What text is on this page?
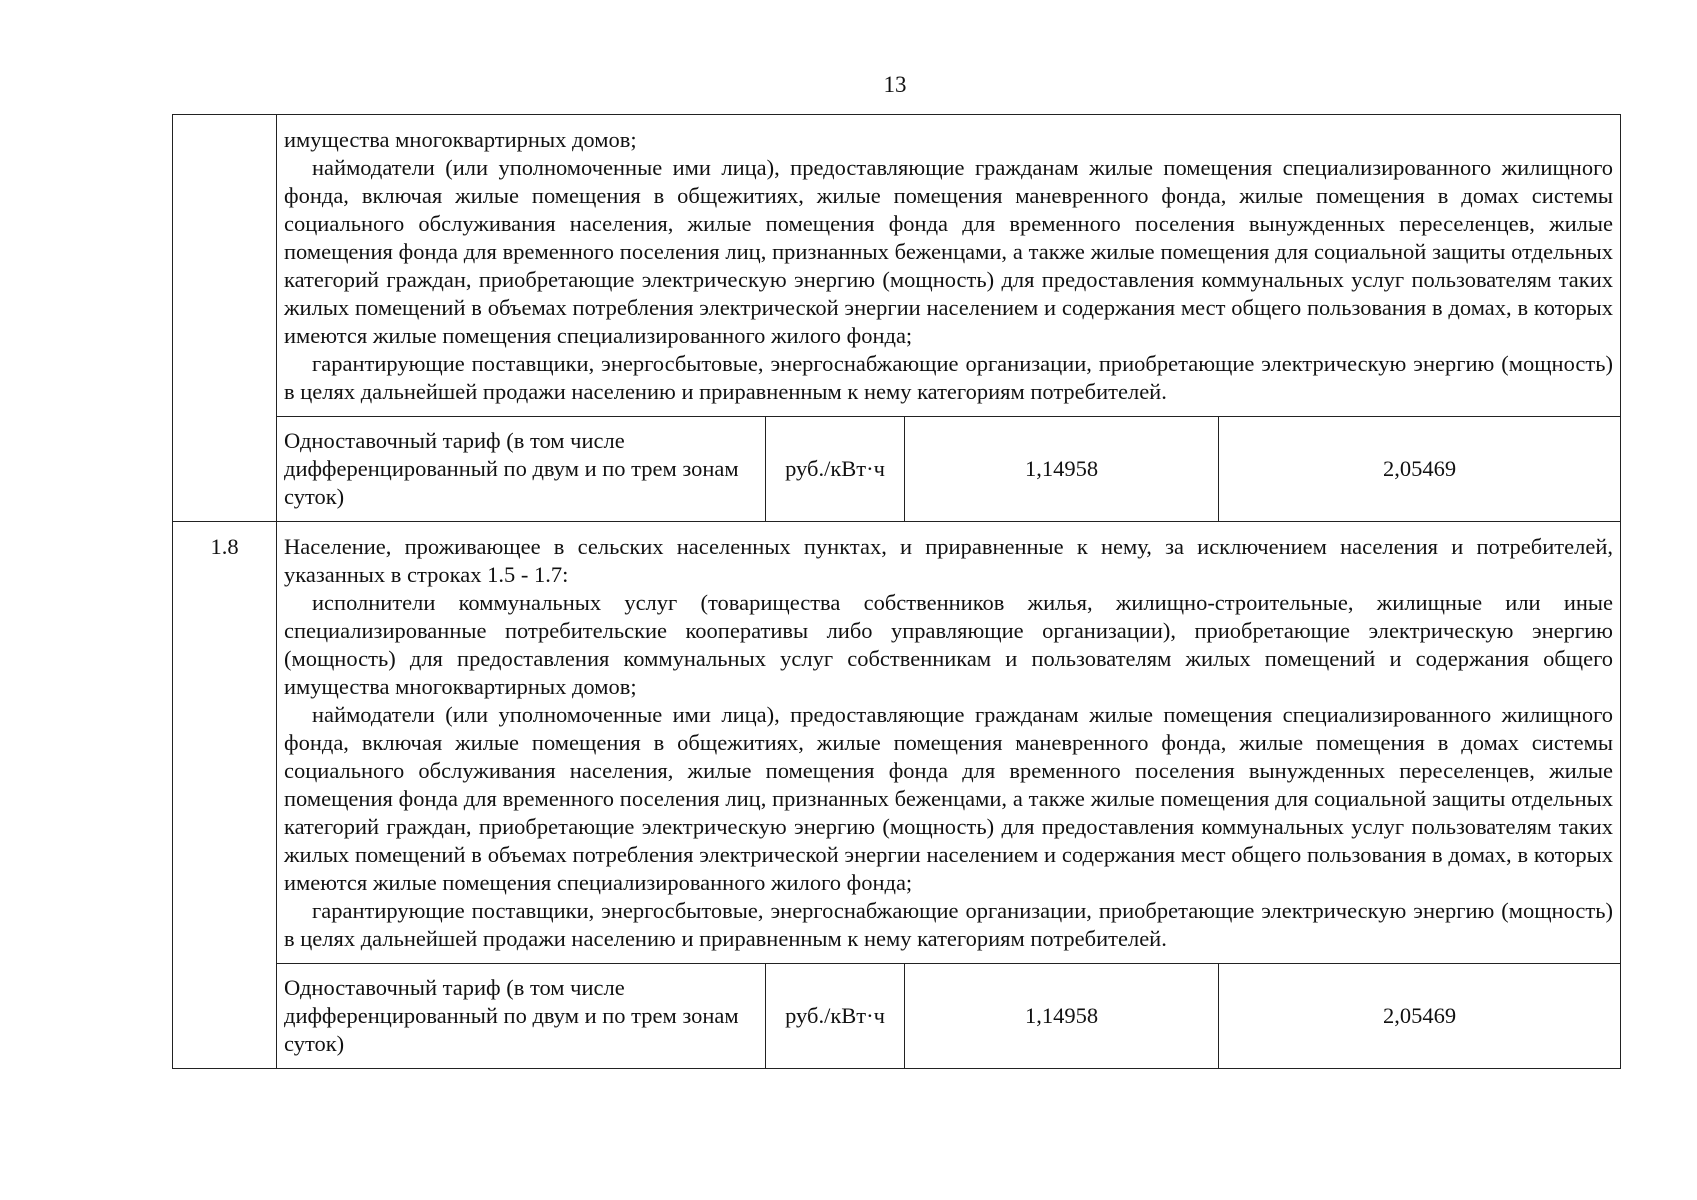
13

имущества многоквартирных домов;

наймодатели (или уполномоченные ими лица), предоставляющие гражданам жилые помещения специализированного жилищного фонда, включая жилые помещения в общежитиях, жилые помещения маневренного фонда, жилые помещения в домах системы социального обслуживания населения, жилые помещения фонда для временного поселения вынужденных переселенцев, жилые помещения фонда для временного поселения лиц, признанных беженцами, а также жилые помещения для социальной защиты отдельных категорий граждан, приобретающие электрическую энергию (мощность) для предоставления коммунальных услуг пользователям таких жилых помещений в объемах потребления электрической энергии населением и содержания мест общего пользования в домах, в которых имеются жилые помещения специализированного жилого фонда;

гарантирующие поставщики, энергосбытовые, энергоснабжающие организации, приобретающие электрическую энергию (мощность) в целях дальнейшей продажи населению и приравненным к нему категориям потребителей.

Одноставочный тариф (в том числе дифференцированный по двум и по трем зонам суток)	руб./кВт·ч	1,14958	2,05469

1.8	Население, проживающее в сельских населенных пунктах, и приравненные к нему, за исключением населения и потребителей, указанных в строках 1.5 - 1.7:

исполнители коммунальных услуг (товарищества собственников жилья, жилищно-строительные, жилищные или иные специализированные потребительские кооперативы либо управляющие организации), приобретающие электрическую энергию (мощность) для предоставления коммунальных услуг собственникам и пользователям жилых помещений и содержания общего имущества многоквартирных домов;

наймодатели (или уполномоченные ими лица), предоставляющие гражданам жилые помещения специализированного жилищного фонда, включая жилые помещения в общежитиях, жилые помещения маневренного фонда, жилые помещения в домах системы социального обслуживания населения, жилые помещения фонда для временного поселения вынужденных переселенцев, жилые помещения фонда для временного поселения лиц, признанных беженцами, а также жилые помещения для социальной защиты отдельных категорий граждан, приобретающие электрическую энергию (мощность) для предоставления коммунальных услуг пользователям таких жилых помещений в объемах потребления электрической энергии населением и содержания мест общего пользования в домах, в которых имеются жилые помещения специализированного жилого фонда;

гарантирующие поставщики, энергосбытовые, энергоснабжающие организации, приобретающие электрическую энергию (мощность) в целях дальнейшей продажи населению и приравненным к нему категориям потребителей.

Одноставочный тариф (в том числе дифференцированный по двум и по трем зонам суток)	руб./кВт·ч	1,14958	2,05469
